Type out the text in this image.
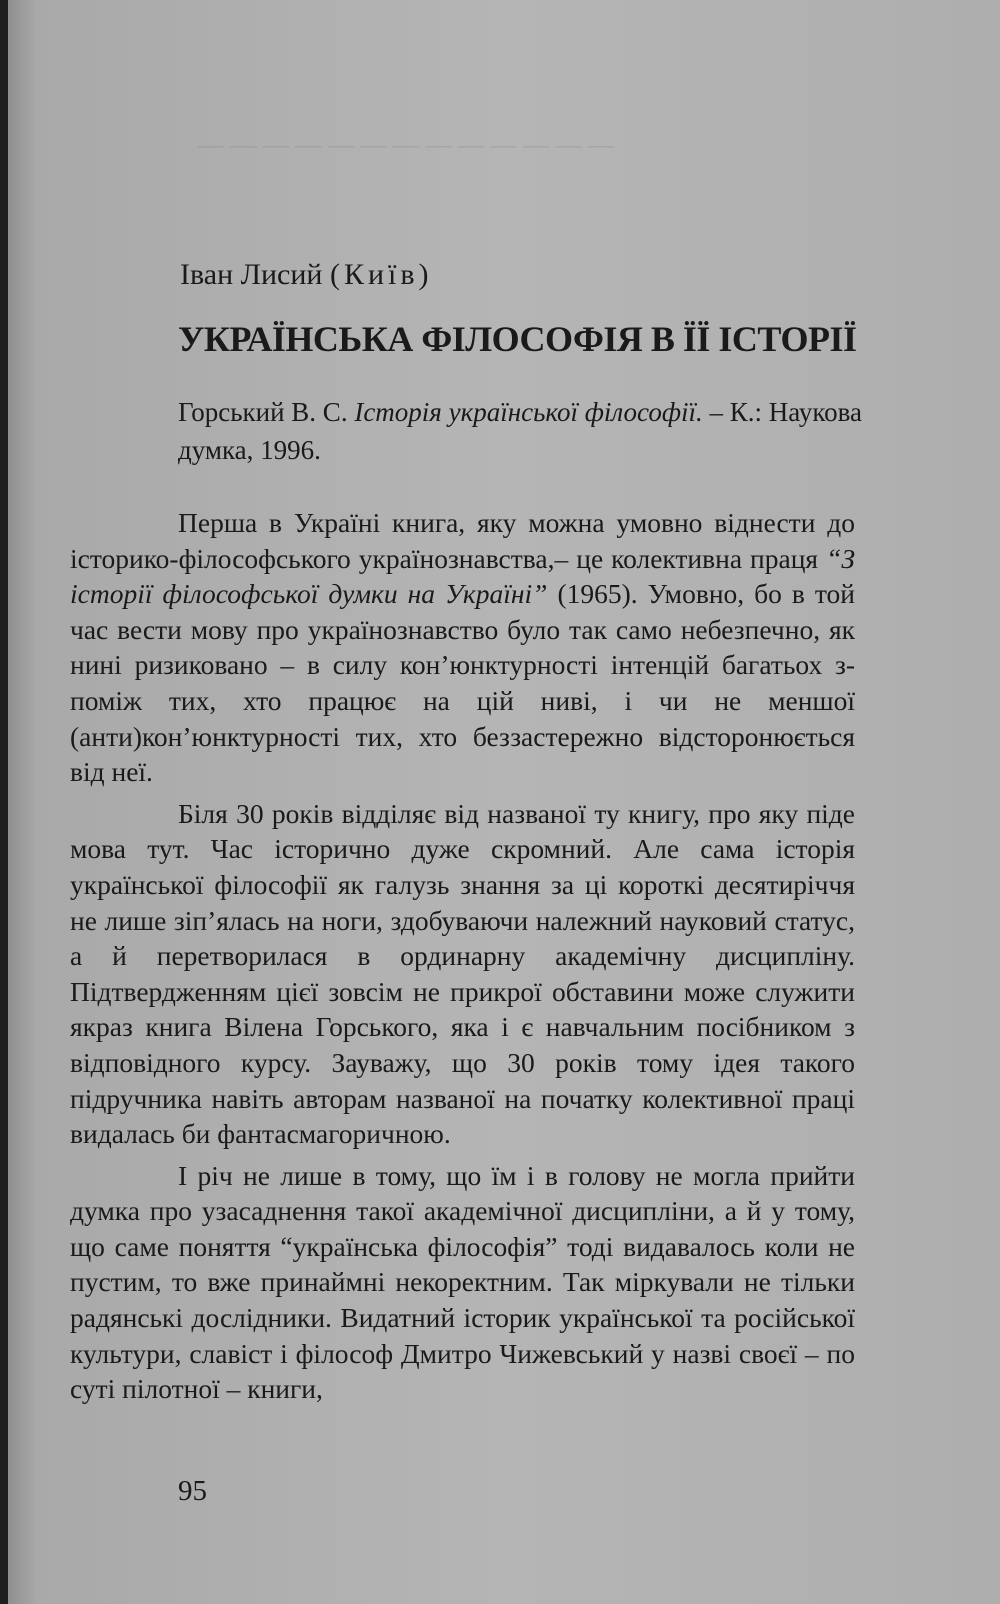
— — — — — — — — — — — — —
Іван Лисий (Київ)
УКРАЇНСЬКА ФІЛОСОФІЯ В ЇЇ ІСТОРІЇ
Горський В. С. Історія української філософії. – К.: Наукова думка, 1996.

Перша в Україні книга, яку можна умовно віднести до історико-філософського українознавства,– це колективна праця “З історії філософської думки на Україні” (1965). Умовно, бо в той час вести мову про українознавство було так само небезпечно, як нині ризиковано – в силу кон’юнктурності інтенцій багатьох з-поміж тих, хто працює на цій ниві, і чи не меншої (анти)кон’юнктурності тих, хто беззастережно відсторонюється від неї.

Біля 30 років відділяє від названої ту книгу, про яку піде мова тут. Час історично дуже скромний. Але сама історія української філософії як галузь знання за ці короткі десятиріччя не лише зіп’ялась на ноги, здобуваючи належний науковий статус, а й перетворилася в ординарну академічну дисципліну. Підтвердженням цієї зовсім не прикрої обставини може служити якраз книга Вілена Горського, яка і є навчальним посібником з відповідного курсу. Зауважу, що 30 років тому ідея такого підручника навіть авторам названої на початку колективної праці видалась би фантасмагоричною.

І річ не лише в тому, що їм і в голову не могла прийти думка про узасаднення такої академічної дисципліни, а й у тому, що саме поняття “українська філософія” тоді видавалось коли не пустим, то вже принаймні некоректним. Так міркували не тільки радянські дослідники. Видатний історик української та російської культури, славіст і філософ Дмитро Чижевський у назві своєї – по суті пілотної – книги,

95
